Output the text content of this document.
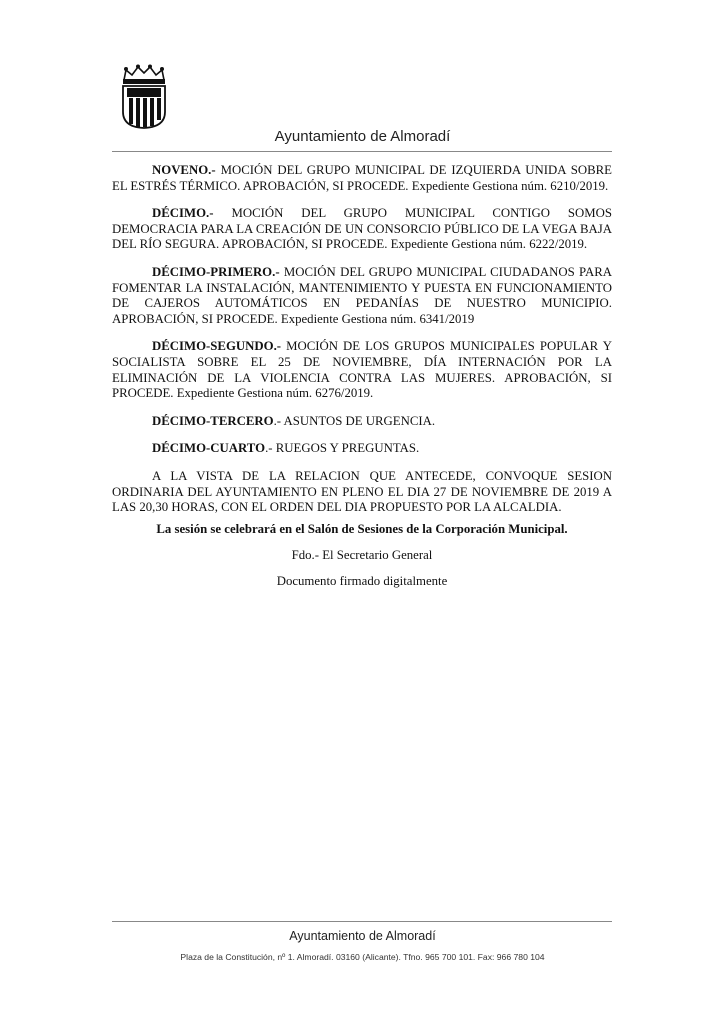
Ayuntamiento de Almoradí

NOVENO.- MOCIÓN DEL GRUPO MUNICIPAL DE IZQUIERDA UNIDA SOBRE EL ESTRÉS TÉRMICO. APROBACIÓN, SI PROCEDE. Expediente Gestiona núm. 6210/2019.

DÉCIMO.- MOCIÓN DEL GRUPO MUNICIPAL CONTIGO SOMOS DEMOCRACIA PARA LA CREACIÓN DE UN CONSORCIO PÚBLICO DE LA VEGA BAJA DEL RÍO SEGURA. APROBACIÓN, SI PROCEDE. Expediente Gestiona núm. 6222/2019.

DÉCIMO-PRIMERO.- MOCIÓN DEL GRUPO MUNICIPAL CIUDADANOS PARA FOMENTAR LA INSTALACIÓN, MANTENIMIENTO Y PUESTA EN FUNCIONAMIENTO DE CAJEROS AUTOMÁTICOS EN PEDANÍAS DE NUESTRO MUNICIPIO. APROBACIÓN, SI PROCEDE. Expediente Gestiona núm. 6341/2019

DÉCIMO-SEGUNDO.- MOCIÓN DE LOS GRUPOS MUNICIPALES POPULAR Y SOCIALISTA SOBRE EL 25 DE NOVIEMBRE, DÍA INTERNACIÓN POR LA ELIMINACIÓN DE LA VIOLENCIA CONTRA LAS MUJERES. APROBACIÓN, SI PROCEDE. Expediente Gestiona núm. 6276/2019.

DÉCIMO-TERCERO.- ASUNTOS DE URGENCIA.

DÉCIMO-CUARTO.- RUEGOS Y PREGUNTAS.

A LA VISTA DE LA RELACION QUE ANTECEDE, CONVOQUE SESION ORDINARIA DEL AYUNTAMIENTO EN PLENO EL DIA 27 DE NOVIEMBRE DE 2019 A LAS 20,30 HORAS, CON EL ORDEN DEL DIA PROPUESTO POR LA ALCALDIA.

La sesión se celebrará en el Salón de Sesiones de la Corporación Municipal.

Fdo.- El Secretario General

Documento firmado digitalmente

Ayuntamiento de Almoradí
Plaza de la Constitución, nº 1. Almoradí. 03160 (Alicante). Tfno. 965 700 101. Fax: 966 780 104
